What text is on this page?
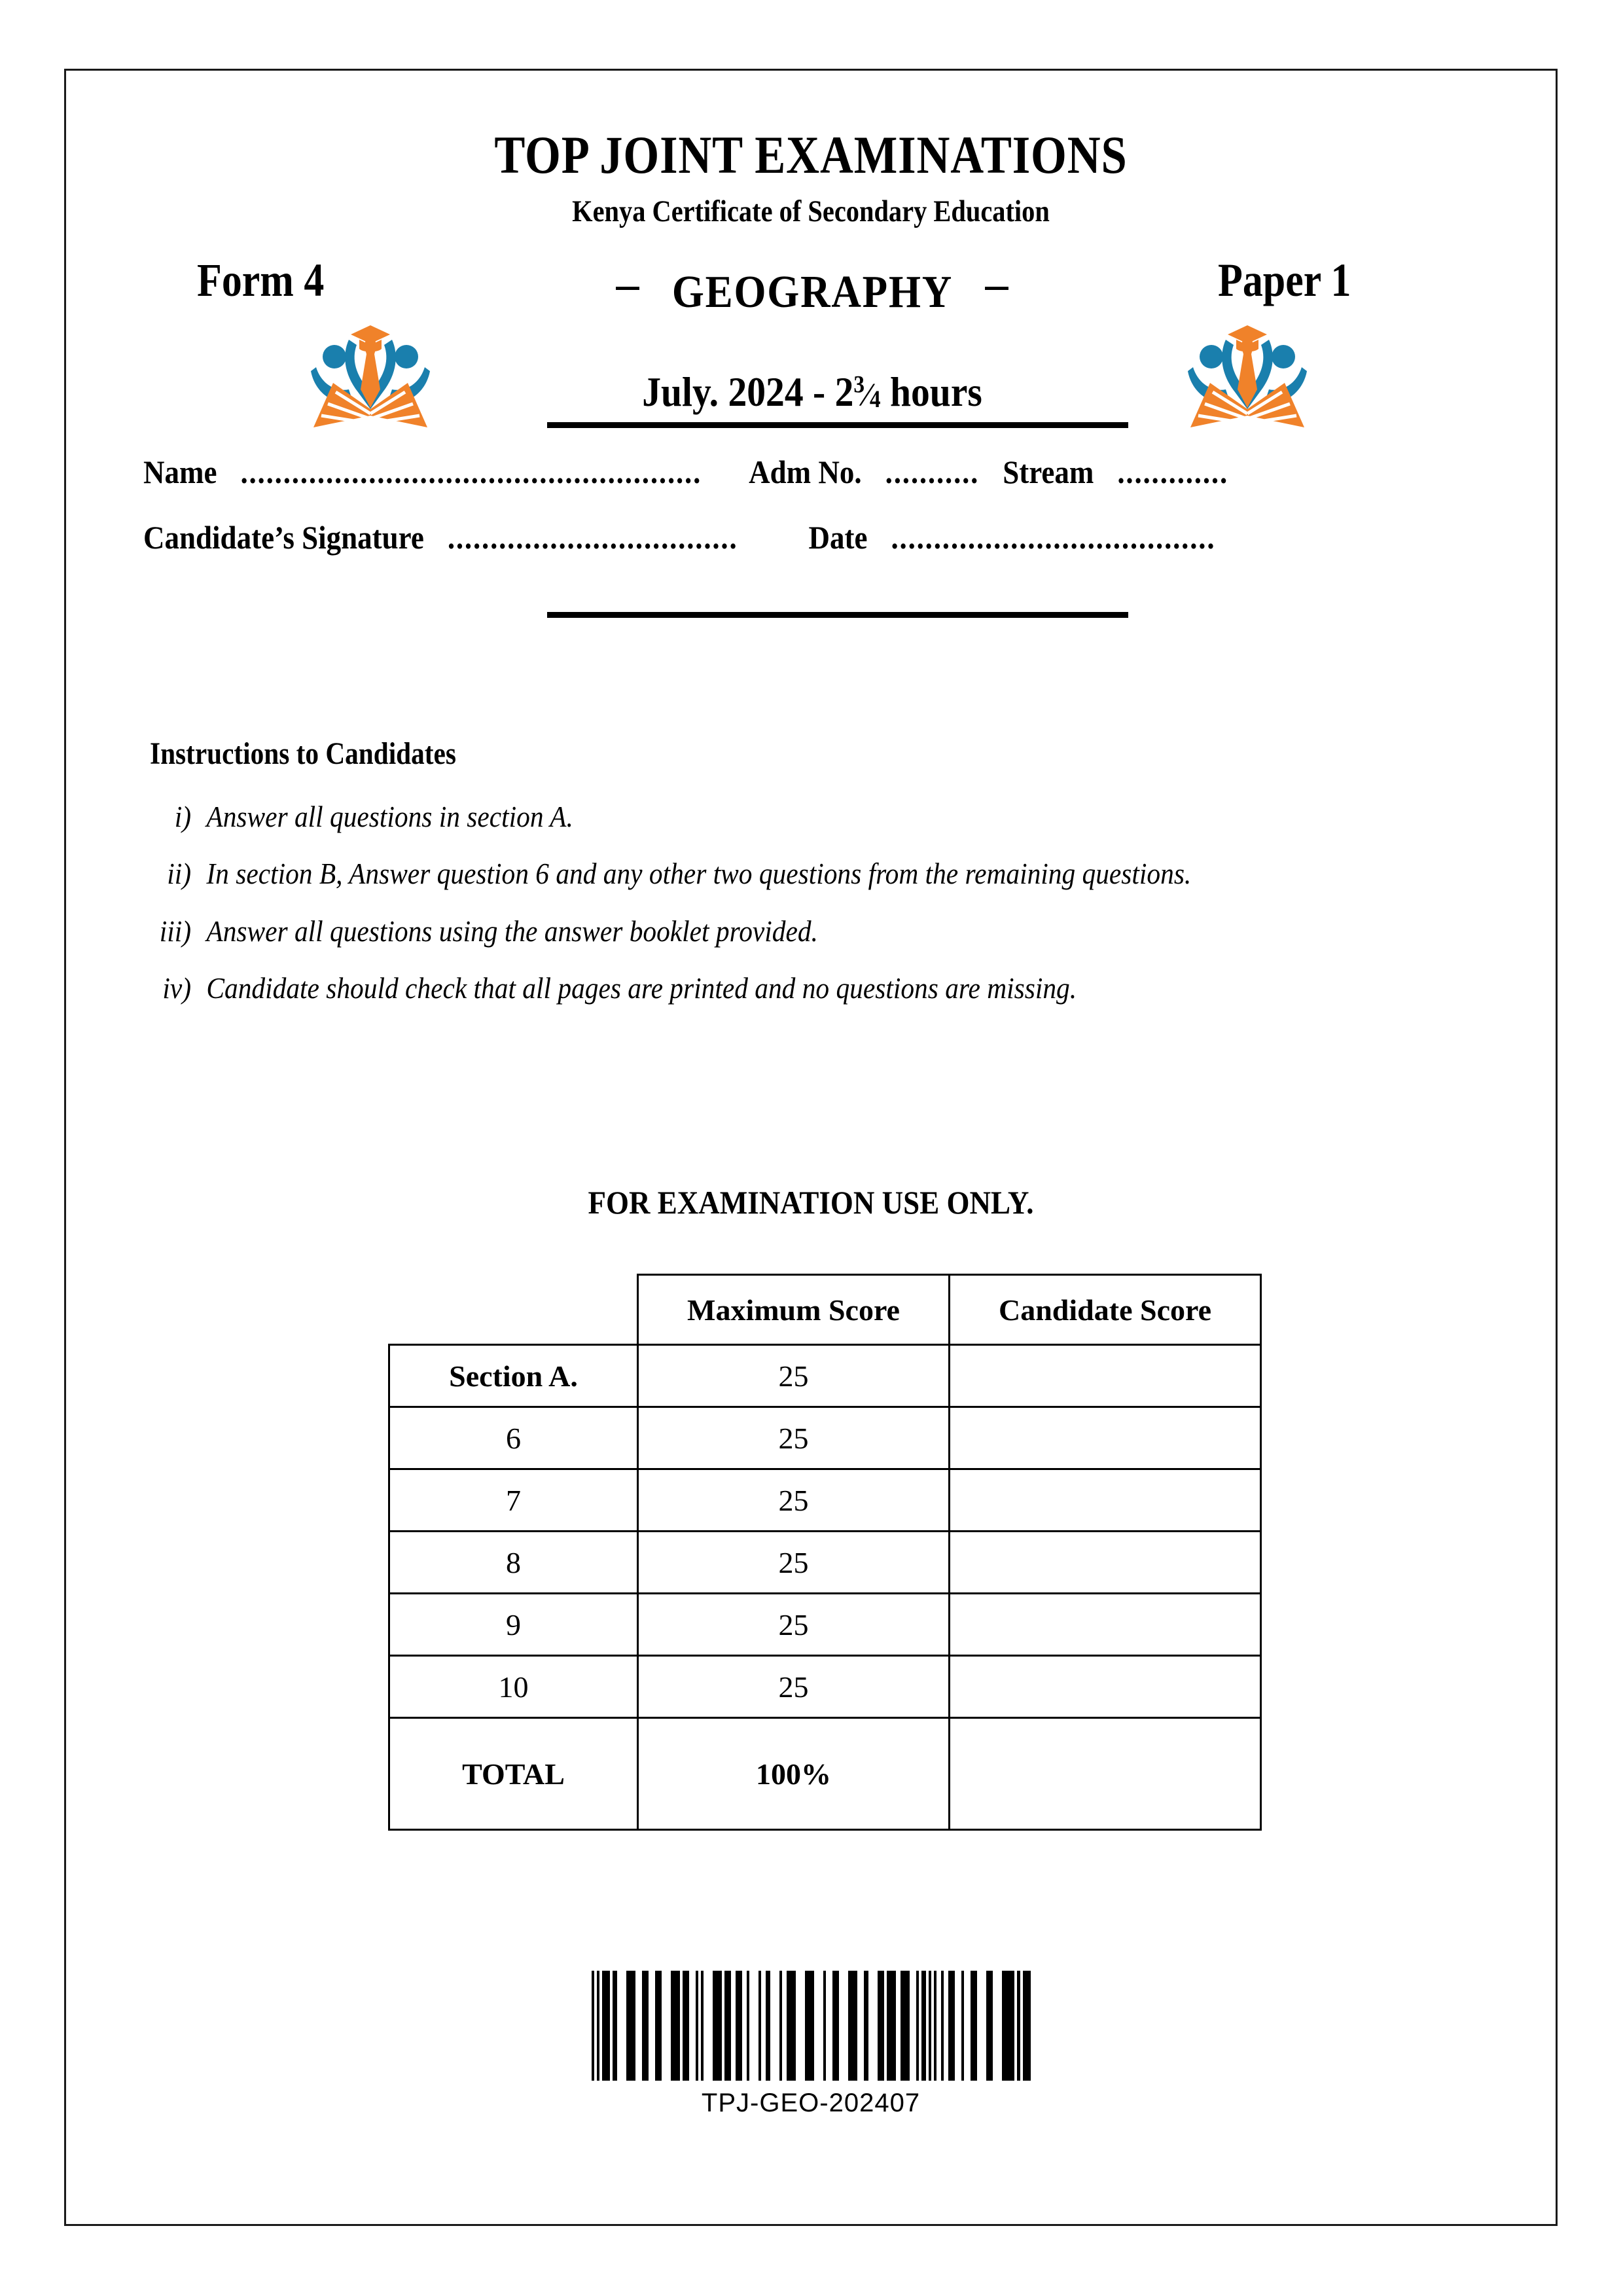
TOP JOINT EXAMINATIONS
Kenya Certificate of Secondary Education
Form 4	Paper 1
– GEOGRAPHY –
July. $2024 - 2^3⁄_4$ hours
Name ...................................................... Adm No. ........... Stream .............
Candidate’s Signature .................................. Date ......................................
Instructions to Candidates
i) Answer all questions in section A.
ii) In section B, Answer question 6 and any other two questions from the remaining questions.
iii) Answer all questions using the answer booklet provided.
iv) Candidate should check that all pages are printed and no questions are missing.
FOR EXAMINATION USE ONLY.
	Maximum Score	Candidate Score
Section A.	25	
6	25	
7	25	
8	25	
9	25	
10	25	
TOTAL	100%	
TPJ-GEO-202407
